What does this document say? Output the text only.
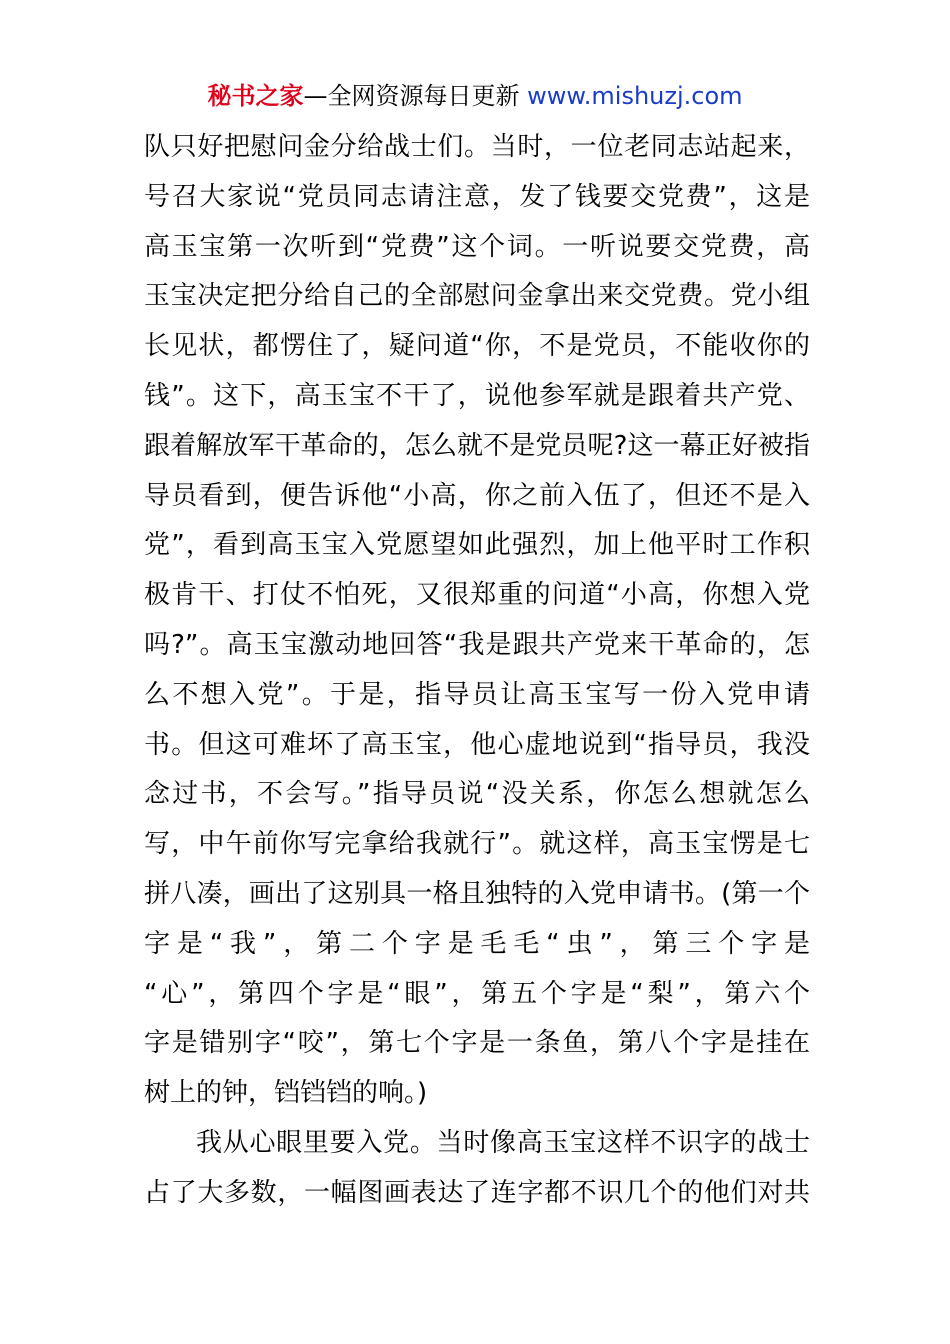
秘书之家—全网资源每日更新 www.mishuzj.com
队只好把慰问金分给战士们。当时，一位老同志站起来，
号召大家说“党员同志请注意，发了钱要交党费”，这是
高玉宝第一次听到“党费”这个词。一听说要交党费，高
玉宝决定把分给自己的全部慰问金拿出来交党费。党小组
长见状，都愣住了，疑问道“你，不是党员，不能收你的
钱”。这下，高玉宝不干了，说他参军就是跟着共产党、
跟着解放军干革命的，怎么就不是党员呢?这一幕正好被指
导员看到，便告诉他“小高，你之前入伍了，但还不是入
党”，看到高玉宝入党愿望如此强烈，加上他平时工作积
极肯干、打仗不怕死，又很郑重的问道“小高，你想入党
吗?”。高玉宝激动地回答“我是跟共产党来干革命的，怎
么不想入党”。于是，指导员让高玉宝写一份入党申请
书。但这可难坏了高玉宝，他心虚地说到“指导员，我没
念过书，不会写。”指导员说“没关系，你怎么想就怎么
写，中午前你写完拿给我就行”。就这样，高玉宝愣是七
拼八凑，画出了这别具一格且独特的入党申请书。(第一个
字是“我”，第二个字是毛毛“虫”，第三个字是
“心”，第四个字是“眼”，第五个字是“梨”，第六个
字是错别字“咬”，第七个字是一条鱼，第八个字是挂在
树上的钟，铛铛铛的响。)
我从心眼里要入党。当时像高玉宝这样不识字的战士
占了大多数，一幅图画表达了连字都不识几个的他们对共
